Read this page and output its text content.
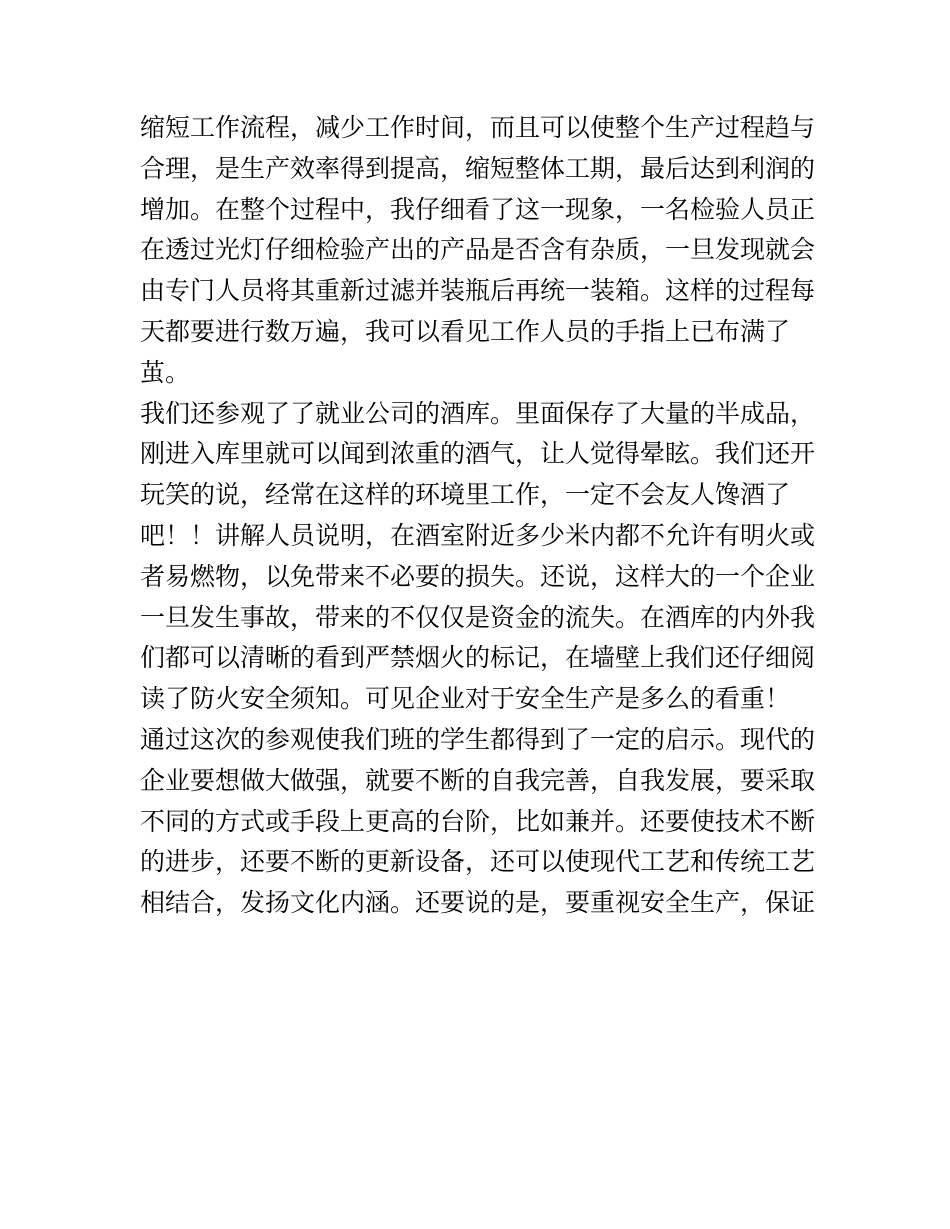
缩短工作流程，减少工作时间，而且可以使整个生产过程趋与
合理，是生产效率得到提高，缩短整体工期，最后达到利润的
增加。在整个过程中，我仔细看了这一现象，一名检验人员正
在透过光灯仔细检验产出的产品是否含有杂质，一旦发现就会
由专门人员将其重新过滤并装瓶后再统一装箱。这样的过程每
天都要进行数万遍，我可以看见工作人员的手指上已布满了
茧。
我们还参观了了就业公司的酒库。里面保存了大量的半成品，
刚进入库里就可以闻到浓重的酒气，让人觉得晕眩。我们还开
玩笑的说，经常在这样的环境里工作，一定不会友人馋酒了
吧！！讲解人员说明，在酒室附近多少米内都不允许有明火或
者易燃物，以免带来不必要的损失。还说，这样大的一个企业
一旦发生事故，带来的不仅仅是资金的流失。在酒库的内外我
们都可以清晰的看到严禁烟火的标记，在墙壁上我们还仔细阅
读了防火安全须知。可见企业对于安全生产是多么的看重！
通过这次的参观使我们班的学生都得到了一定的启示。现代的
企业要想做大做强，就要不断的自我完善，自我发展，要采取
不同的方式或手段上更高的台阶，比如兼并。还要使技术不断
的进步，还要不断的更新设备，还可以使现代工艺和传统工艺
相结合，发扬文化内涵。还要说的是，要重视安全生产，保证
